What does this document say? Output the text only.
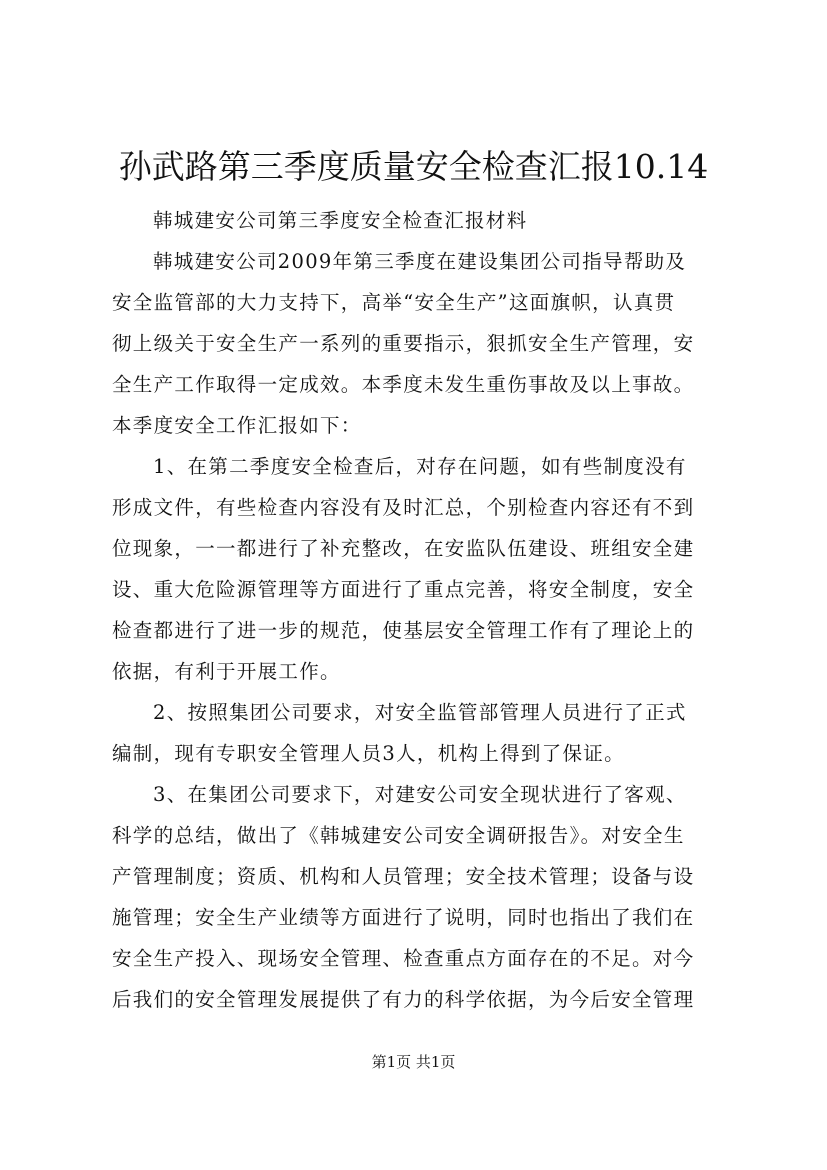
孙武路第三季度质量安全检查汇报10.14
韩城建安公司第三季度安全检查汇报材料
韩城建安公司2009年第三季度在建设集团公司指导帮助及
安全监管部的大力支持下，高举“安全生产”这面旗帜，认真贯
彻上级关于安全生产一系列的重要指示，狠抓安全生产管理，安
全生产工作取得一定成效。本季度未发生重伤事故及以上事故。
本季度安全工作汇报如下：
1、在第二季度安全检查后，对存在问题，如有些制度没有
形成文件，有些检查内容没有及时汇总，个别检查内容还有不到
位现象，一一都进行了补充整改，在安监队伍建设、班组安全建
设、重大危险源管理等方面进行了重点完善，将安全制度，安全
检查都进行了进一步的规范，使基层安全管理工作有了理论上的
依据，有利于开展工作。
2、按照集团公司要求，对安全监管部管理人员进行了正式
编制，现有专职安全管理人员3人，机构上得到了保证。
3、在集团公司要求下，对建安公司安全现状进行了客观、
科学的总结，做出了《韩城建安公司安全调研报告》。对安全生
产管理制度；资质、机构和人员管理；安全技术管理；设备与设
施管理；安全生产业绩等方面进行了说明，同时也指出了我们在
安全生产投入、现场安全管理、检查重点方面存在的不足。对今
后我们的安全管理发展提供了有力的科学依据，为今后安全管理
第1页 共1页
